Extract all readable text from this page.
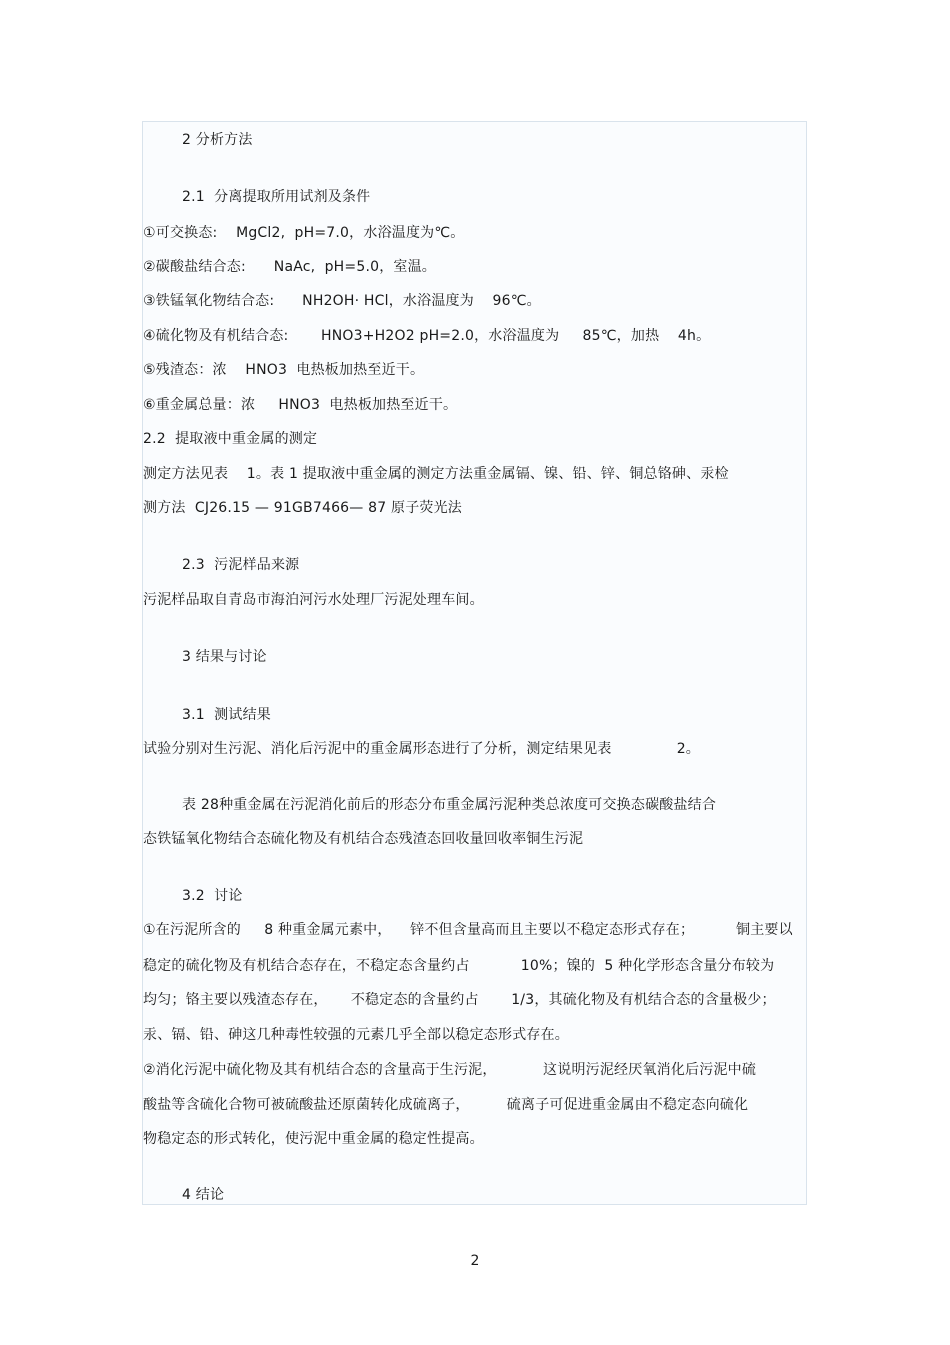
2 分析方法
2.1  分离提取所用试剂及条件
①可交换态:    MgCl2,  pH=7.0，水浴温度为℃。
②碳酸盐结合态:      NaAc,  pH=5.0，室温。
③铁锰氧化物结合态:      NH2OH· HCl，水浴温度为    96℃。
④硫化物及有机结合态:       HNO3+H2O2 pH=2.0，水浴温度为     85℃，加热    4h。
⑤残渣态：浓    HNO3  电热板加热至近干。
⑥重金属总量：浓     HNO3  电热板加热至近干。
2.2  提取液中重金属的测定
测定方法见表    1。表 1 提取液中重金属的测定方法重金属镉、镍、铅、锌、铜总铬砷、汞检
测方法  CJ26.15 — 91GB7466— 87 原子荧光法
2.3  污泥样品来源
污泥样品取自青岛市海泊河污水处理厂污泥处理车间。
3 结果与讨论
3.1  测试结果
试验分别对生污泥、消化后污泥中的重金属形态进行了分析，测定结果见表              2。
表 28种重金属在污泥消化前后的形态分布重金属污泥种类总浓度可交换态碳酸盐结合
态铁锰氧化物结合态硫化物及有机结合态残渣态回收量回收率铜生污泥
3.2  讨论
①在污泥所含的     8 种重金属元素中，    锌不但含量高而且主要以不稳定态形式存在；         铜主要以
稳定的硫化物及有机结合态存在，不稳定态含量约占           10%；镍的  5 种化学形态含量分布较为
均匀；铬主要以残渣态存在，     不稳定态的含量约占       1/3，其硫化物及有机结合态的含量极少；
汞、镉、铅、砷这几种毒性较强的元素几乎全部以稳定态形式存在。
②消化污泥中硫化物及其有机结合态的含量高于生污泥，          这说明污泥经厌氧消化后污泥中硫
酸盐等含硫化合物可被硫酸盐还原菌转化成硫离子，        硫离子可促进重金属由不稳定态向硫化
物稳定态的形式转化，使污泥中重金属的稳定性提高。
4 结论
2
